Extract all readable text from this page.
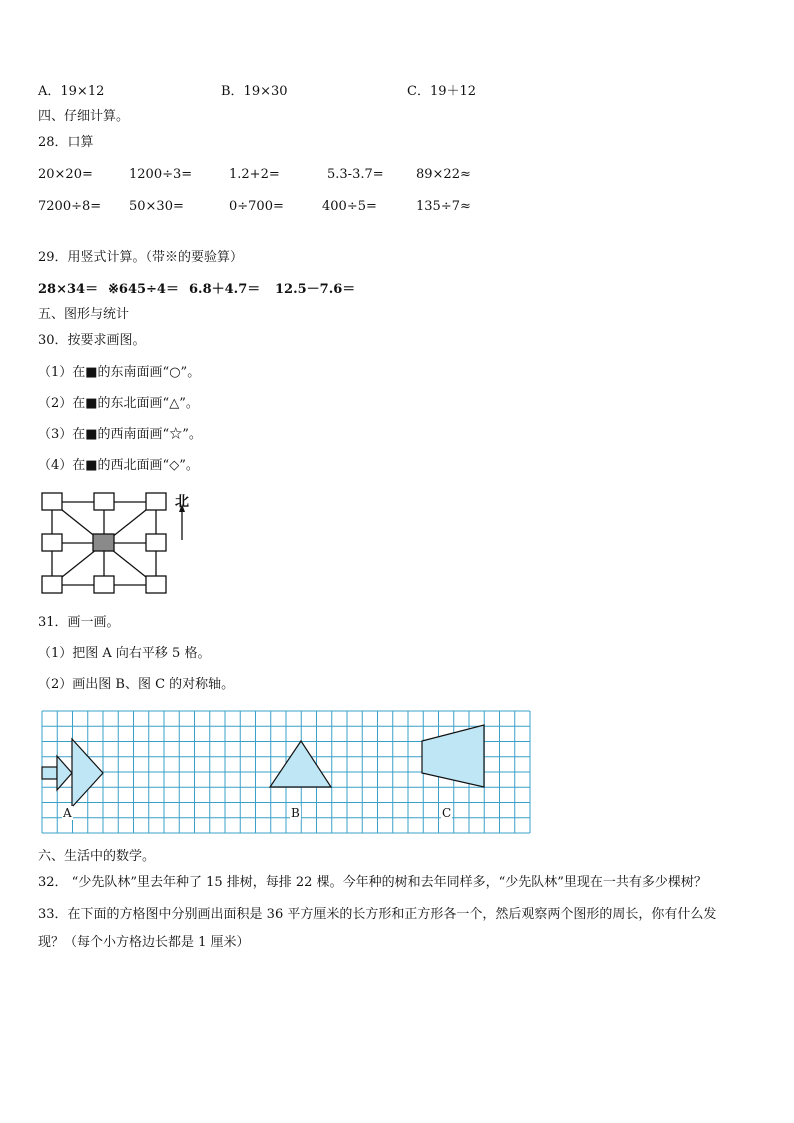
A．19×12	B．19×30	C．19＋12
四、仔细计算。
28．口算
20×20=	1200÷3=	1.2+2=	5.3-3.7= 89×22≈
7200÷8= 50×30=	0÷700=	400÷5=	135÷7≈
29．用竖式计算。（带※的要验算）
28×34＝ ※645÷4＝ 6.8＋4.7＝ 12.5－7.6＝
五、图形与统计
30．按要求画图。
（1）在■的东南面画“○”。
（2）在■的东北面画“△”。
（3）在■的西南面画“☆”。
（4）在■的西北面画“◇”。
北
31．画一画。
（1）把图 A 向右平移 5 格。
（2）画出图 B、图 C 的对称轴。
A	B	C
六、生活中的数学。
32． “少先队林”里去年种了 15 排树，每排 22 棵。今年种的树和去年同样多，“少先队林”里现在一共有多少棵树？
33．在下面的方格图中分别画出面积是 36 平方厘米的长方形和正方形各一个，然后观察两个图形的周长，你有什么发
现？（每个小方格边长都是 1 厘米）
